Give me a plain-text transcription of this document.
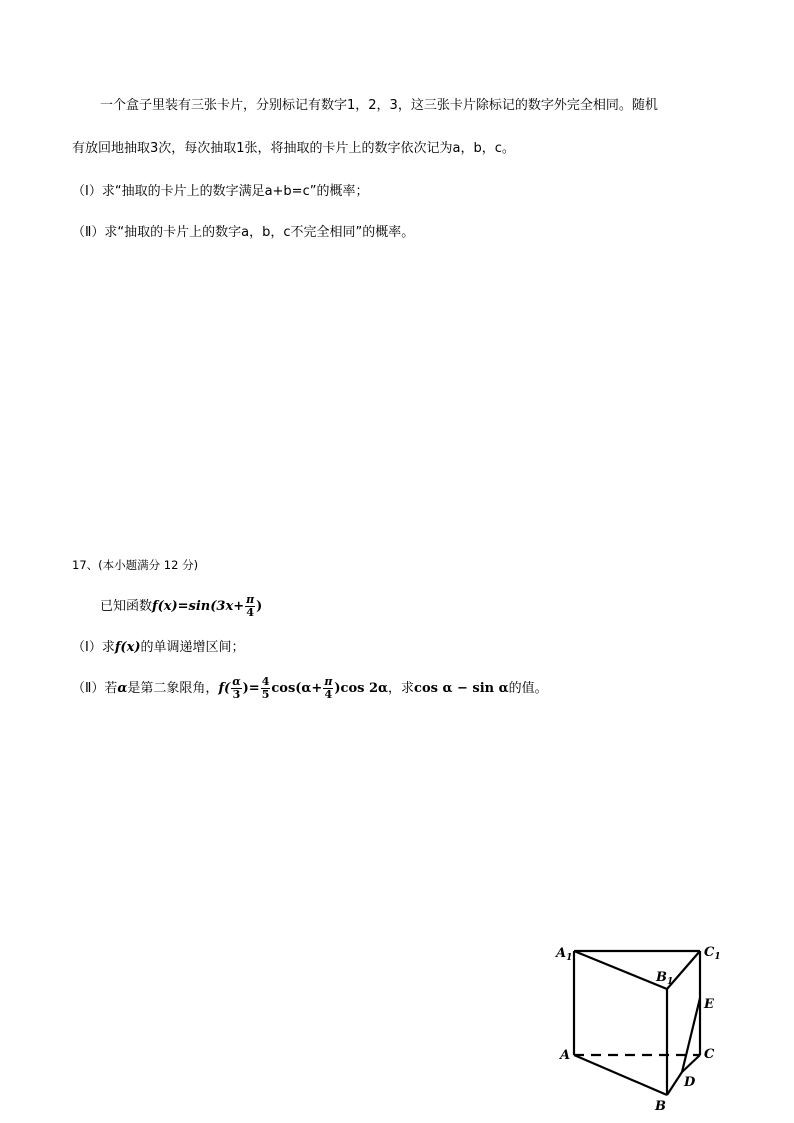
一个盒子里装有三张卡片，分别标记有数字1，2，3，这三张卡片除标记的数字外完全相同。随机
有放回地抽取3次，每次抽取1张，将抽取的卡片上的数字依次记为a，b，c。
（Ⅰ）求“抽取的卡片上的数字满足a+b=c”的概率；
（Ⅱ）求“抽取的卡片上的数字a，b，c不完全相同”的概率。
17、(本小题满分 12 分)
已知函数$f(x)=\sin(3x+ \frac{\pi}{4}$ )
（Ⅰ）求f(x)的单调递增区间；
（Ⅱ）若α是第二象限角，$f( \frac{\alpha}{3}$ )= $\frac{4}{5} \cos(\alpha+ \frac{\pi}{4} )\cos$ 2α，求cos α − sin α的值。
$A_1$
$B_1$
$C_1$
E
A	C
D
B
